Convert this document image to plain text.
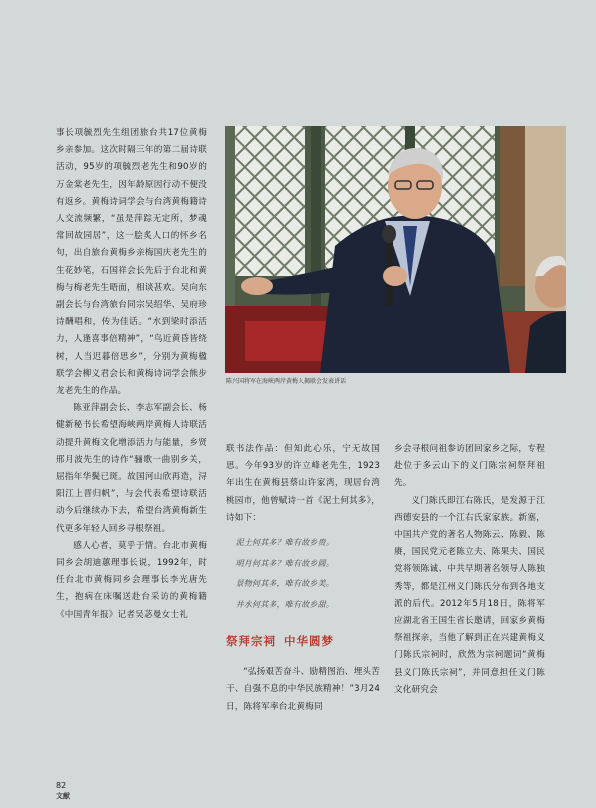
事长项毓烈先生组团旅台共17位黄梅乡亲参加。这次时隔三年的第二届诗联活动，95岁的项毓烈老先生和90岁的万金棠老先生，因年龄原因行动不便没有返乡。黄梅诗词学会与台湾黄梅籍诗人交流频繁，“虽是萍踪无定所，梦魂常回故园居”，这一脍炙人口的怀乡名句，出自旅台黄梅乡亲梅国庆老先生的生花妙笔，石国祥会长先后于台北和黄梅与梅老先生晤面，相谈甚欢。吴向东副会长与台湾旅台同宗吴绍华、吴府珍诗酬唱和，传为佳话。“水到梁时添活力，人逢喜事倍精神”，“鸟近黄昏皆绕树，人当迟暮倍思乡”，分别为黄梅楹联学会柳义君会长和黄梅诗词学会熊步龙老先生的作品。

陈亚萍副会长、李志军副会长、杨健新秘书长希望海峡两岸黄梅人诗联活动提升黄梅文化增添活力与能量，乡贤邢月波先生的诗作“骊歌一曲别乡关，屈指年华鬓已斑。故国河山欣再造，浔阳江上晋归帆”，与会代表希望诗联活动今后继续办下去，希望台湾黄梅新生代更多年轻人回乡寻根祭祖。

感人心者，莫乎于情。台北市黄梅同乡会胡迪蕙理事长说，1992年，时任台北市黄梅同乡会理事长李光唐先生，抱病在床嘱送赴台采访的黄梅籍《中国青年报》记者吴苾曼女士礼

陈兴国将军在海峡两岸黄梅人揭联会发表讲话

联书法作品：但知此心乐，宁无故国思。今年93岁的许立峰老先生，1923年出生在黄梅县蔡山许家湾，现居台湾桃园市，他曾赋诗一首《泥土何其多》，诗如下：

泥土何其多？唯有故乡贵。
明月何其多？唯有故乡圆。
景物何其多，唯有故乡美。
井水何其多，唯有故乡甜。
祭拜宗祠 中华圆梦

“弘扬艰苦奋斗、励精图治、埋头苦干、自强不息的中华民族精神！”3月24日，陈将军率台北黄梅同

乡会寻根问祖参访团回家乡之际，专程赴位于多云山下的义门陈宗祠祭拜祖先。

义门陈氏即江右陈氏，是发源于江西德安县的一个江右氏家家族。新塞，中国共产党的著名人物陈云、陈毅、陈赓，国民党元老陈立夫、陈果夫、国民党将领陈诚、中共早期著名领导人陈独秀等，都是江州义门陈氏分布到各地支派的后代。2012年5月18日，陈将军应湖北省王国生省长邀请，回家乡黄梅祭祖探亲，当他了解到正在兴建黄梅义门陈氏宗祠时，欣然为宗祠题词“黄梅县义门陈氏宗祠”，并同意担任义门陈文化研究会

82
文献
